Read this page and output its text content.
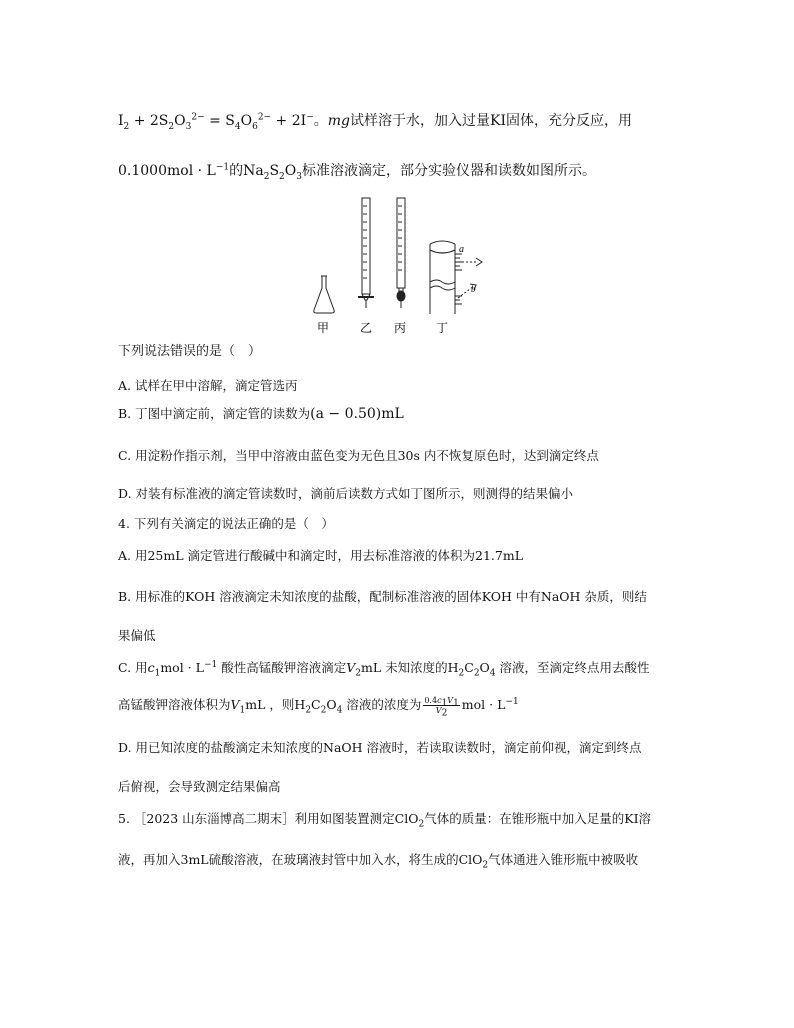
$I_2 + 2S_2O_3^{2-} = S_4O_6^{2-} + 2I^-$。mg试样溶于水，加入过量KI固体，充分反应，用
$0.1000mol \cdot L^{-1}$的$Na_2S_2O_3$标准溶液滴定，部分实验仪器和读数如图所示。
a
b
甲	乙 丙 丁
下列说法错误的是（　）
A. 试样在甲中溶解，滴定管选丙
B. 丁图中滴定前，滴定管的读数为(a − 0.50)mL
C. 用淀粉作指示剂，当甲中溶液由蓝色变为无色且30s 内不恢复原色时，达到滴定终点
D. 对装有标准液的滴定管读数时，滴前后读数方式如丁图所示，则测得的结果偏小
4. 下列有关滴定的说法正确的是（　）
A. 用25mL 滴定管进行酸碱中和滴定时，用去标准溶液的体积为21.7mL
B. 用标准的KOH 溶液滴定未知浓度的盐酸，配制标准溶液的固体KOH 中有NaOH 杂质，则结
果偏低
C. 用$c_1mol \cdot L^{-1}$ 酸性高锰酸钾溶液滴定$V_2mL$ 未知浓度的$H_2C_2O_4$ 溶液，至滴定终点用去酸性
高锰酸钾溶液体积为$V_1mL$ ，则$H_2C_2O_4$ 溶液的浓度为 $\frac{0.4c_1V_1}{V_2}$ mol · $L^{-1}$
D. 用已知浓度的盐酸滴定未知浓度的NaOH 溶液时，若读取读数时，滴定前仰视，滴定到终点
后俯视，会导致测定结果偏高
5. ［2023 山东淄博高二期末］利用如图装置测定ClO$_2$气体的质量：在锥形瓶中加入足量的KI溶
液，再加入3mL硫酸溶液，在玻璃液封管中加入水，将生成的ClO$_2$气体通进入锥形瓶中被吸收
